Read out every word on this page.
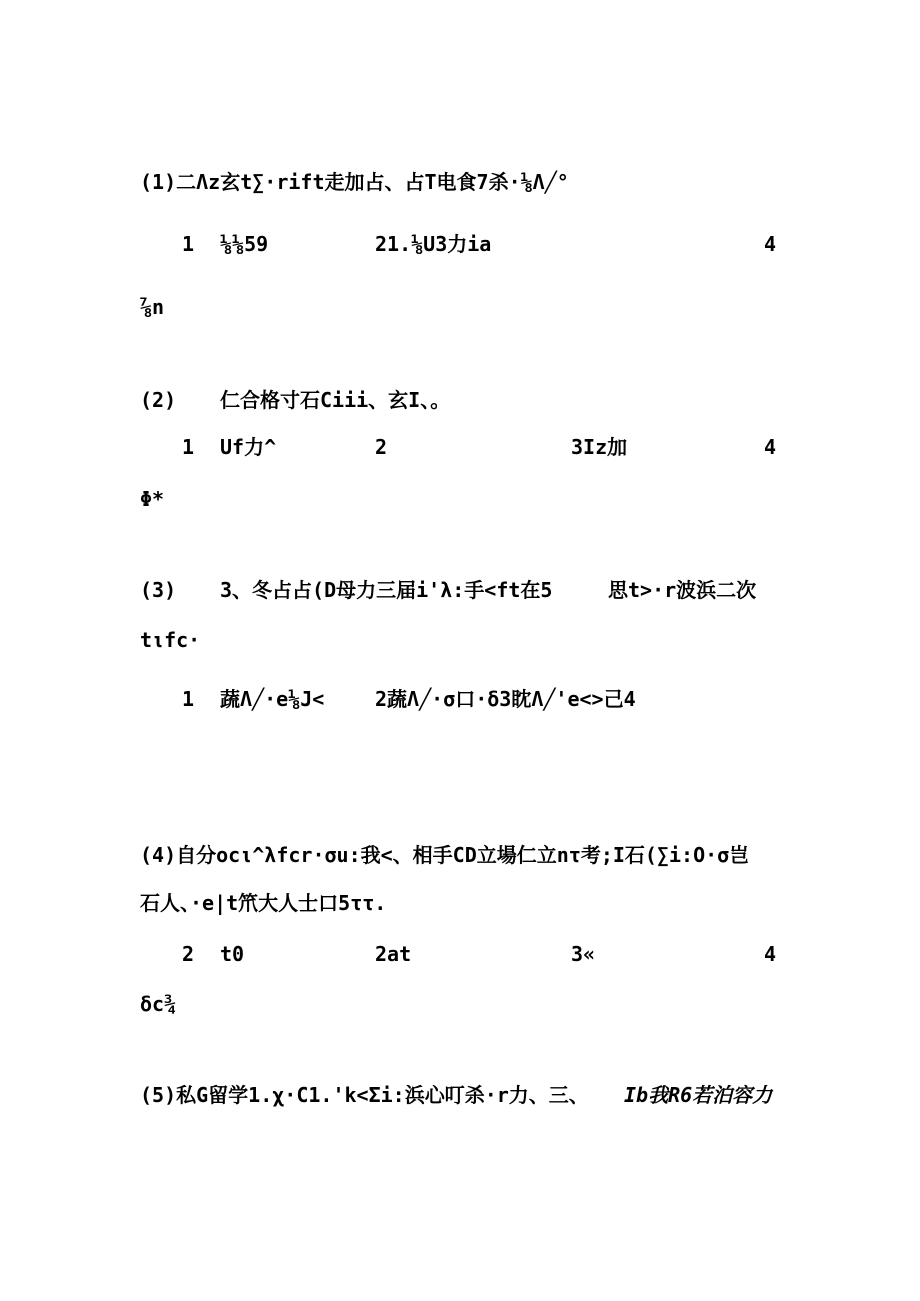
(1)二Λz玄t∑·rift走加占、占T电食7杀·⅛Λ╱°
1 ⅛⅛59	21.⅛U3力ia	4
⅞n
(2) 仁合格寸石Ciii、玄I、。
1 Uf力^	2	3Iz加	4
Φ*
(3) 3、冬占占(D母力三届i'λ:手<ft在5	思t>·r波浜二次
tιfc·
1 蔬Λ╱·e⅛J<	2蔬Λ╱·σ口·δ3眈Λ╱'e<>己4
(4)自分ocι^λfcr·σu:我<、相手CD立場仁立nτ考;I石(∑i:O·σ岂
石人、·e|t笊大人士口5ττ.
2 t0	2at	3«	4
δc¾
(5)私G留学1.χ·C1.'k<Σi:浜心叮杀·r力、三、 Ib我R6若泊容力
